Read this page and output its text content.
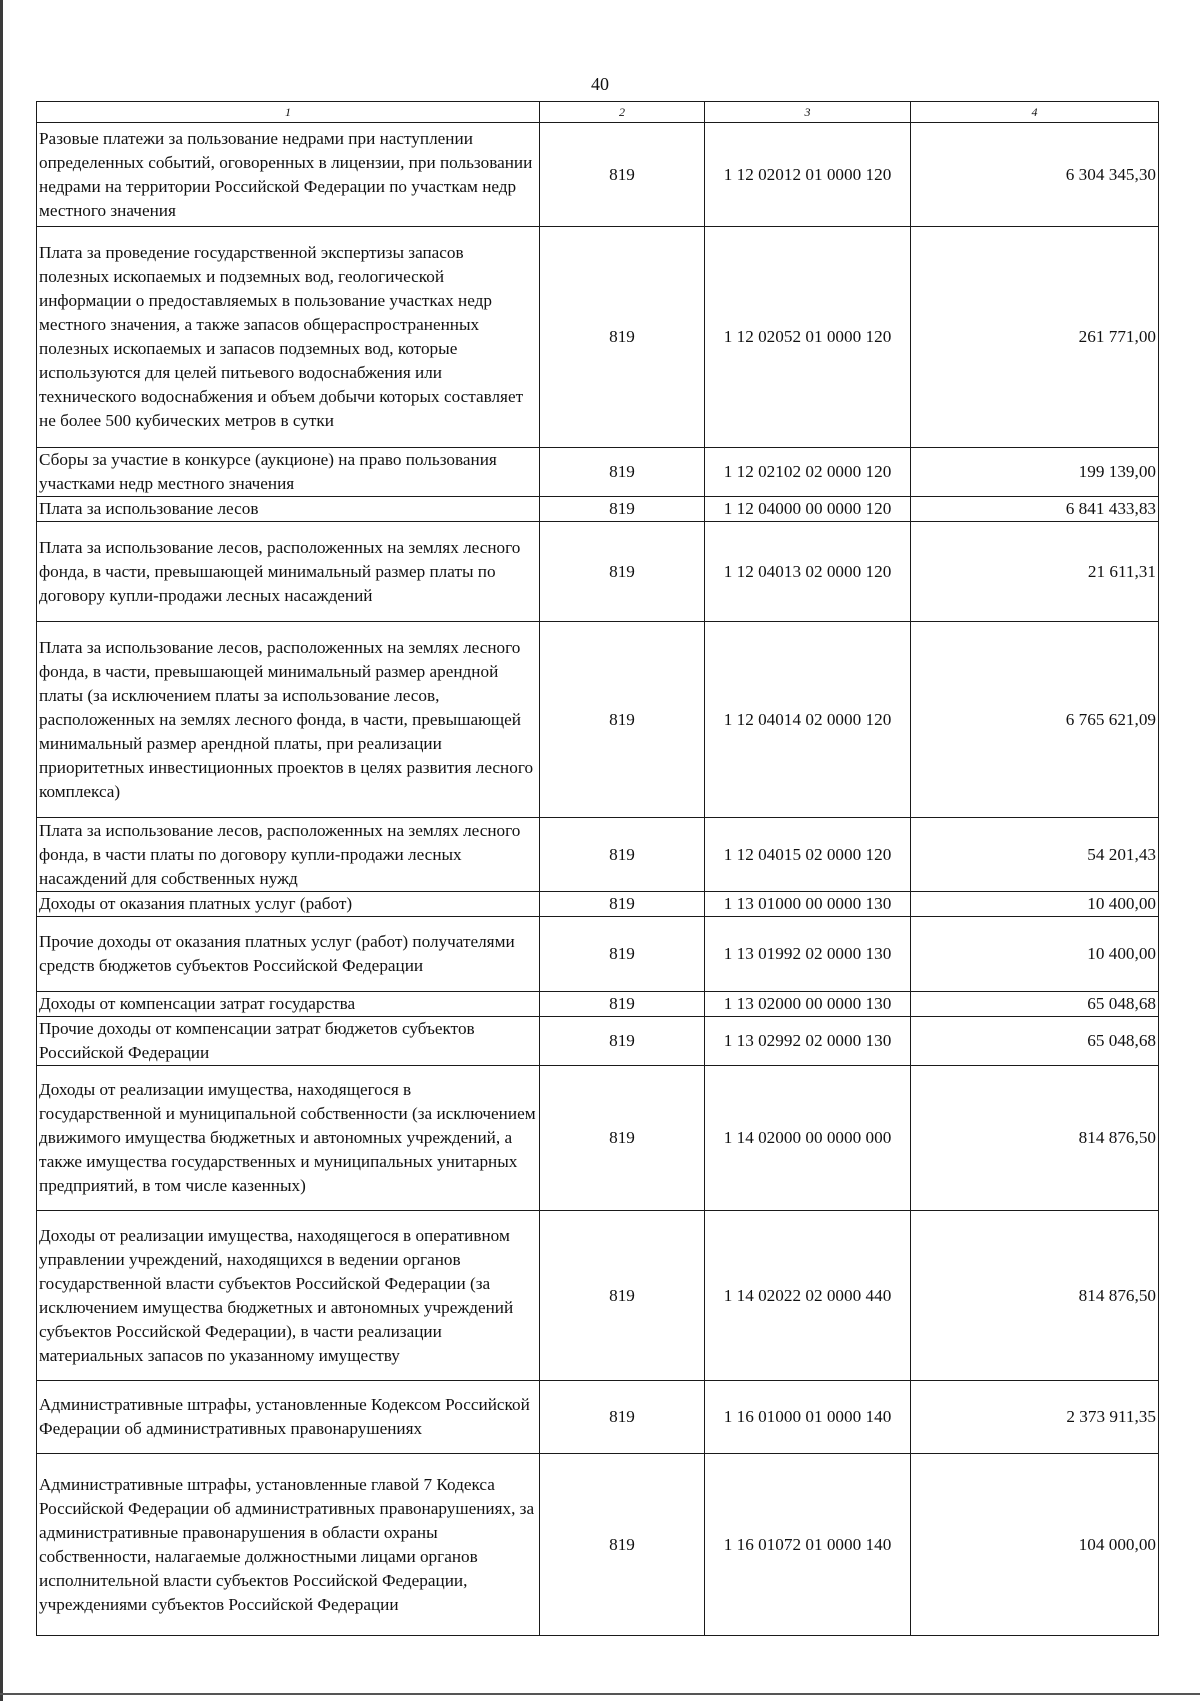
40
1	2	3	4
Разовые платежи за пользование недрами при наступлении определенных событий, оговоренных в лицензии, при пользовании недрами на территории Российской Федерации по участкам недр местного значения	819	1 12 02012 01 0000 120	6 304 345,30
Плата за проведение государственной экспертизы запасов полезных ископаемых и подземных вод, геологической информации о предоставляемых в пользование участках недр местного значения, а также запасов общераспространенных полезных ископаемых и запасов подземных вод, которые используются для целей питьевого водоснабжения или технического водоснабжения и объем добычи которых составляет не более 500 кубических метров в сутки	819	1 12 02052 01 0000 120	261 771,00
Сборы за участие в конкурсе (аукционе) на право пользования участками недр местного значения	819	1 12 02102 02 0000 120	199 139,00
Плата за использование лесов	819	1 12 04000 00 0000 120	6 841 433,83
Плата за использование лесов, расположенных на землях лесного фонда, в части, превышающей минимальный размер платы по договору купли-продажи лесных насаждений	819	1 12 04013 02 0000 120	21 611,31
Плата за использование лесов, расположенных на землях лесного фонда, в части, превышающей минимальный размер арендной платы (за исключением платы за использование лесов, расположенных на землях лесного фонда, в части, превышающей минимальный размер арендной платы, при реализации приоритетных инвестиционных проектов в целях развития лесного комплекса)	819	1 12 04014 02 0000 120	6 765 621,09
Плата за использование лесов, расположенных на землях лесного фонда, в части платы по договору купли-продажи лесных насаждений для собственных нужд	819	1 12 04015 02 0000 120	54 201,43
Доходы от оказания платных услуг (работ)	819	1 13 01000 00 0000 130	10 400,00
Прочие доходы от оказания платных услуг (работ) получателями средств бюджетов субъектов Российской Федерации	819	1 13 01992 02 0000 130	10 400,00
Доходы от компенсации затрат государства	819	1 13 02000 00 0000 130	65 048,68
Прочие доходы от компенсации затрат бюджетов субъектов Российской Федерации	819	1 13 02992 02 0000 130	65 048,68
Доходы от реализации имущества, находящегося в государственной и муниципальной собственности (за исключением движимого имущества бюджетных и автономных учреждений, а также имущества государственных и муниципальных унитарных предприятий, в том числе казенных)	819	1 14 02000 00 0000 000	814 876,50
Доходы от реализации имущества, находящегося в оперативном управлении учреждений, находящихся в ведении органов государственной власти субъектов Российской Федерации (за исключением имущества бюджетных и автономных учреждений субъектов Российской Федерации), в части реализации материальных запасов по указанному имуществу	819	1 14 02022 02 0000 440	814 876,50
Административные штрафы, установленные Кодексом Российской Федерации об административных правонарушениях	819	1 16 01000 01 0000 140	2 373 911,35
Административные штрафы, установленные главой 7 Кодекса Российской Федерации об административных правонарушениях, за административные правонарушения в области охраны собственности, налагаемые должностными лицами органов исполнительной власти субъектов Российской Федерации, учреждениями субъектов Российской Федерации	819	1 16 01072 01 0000 140	104 000,00
